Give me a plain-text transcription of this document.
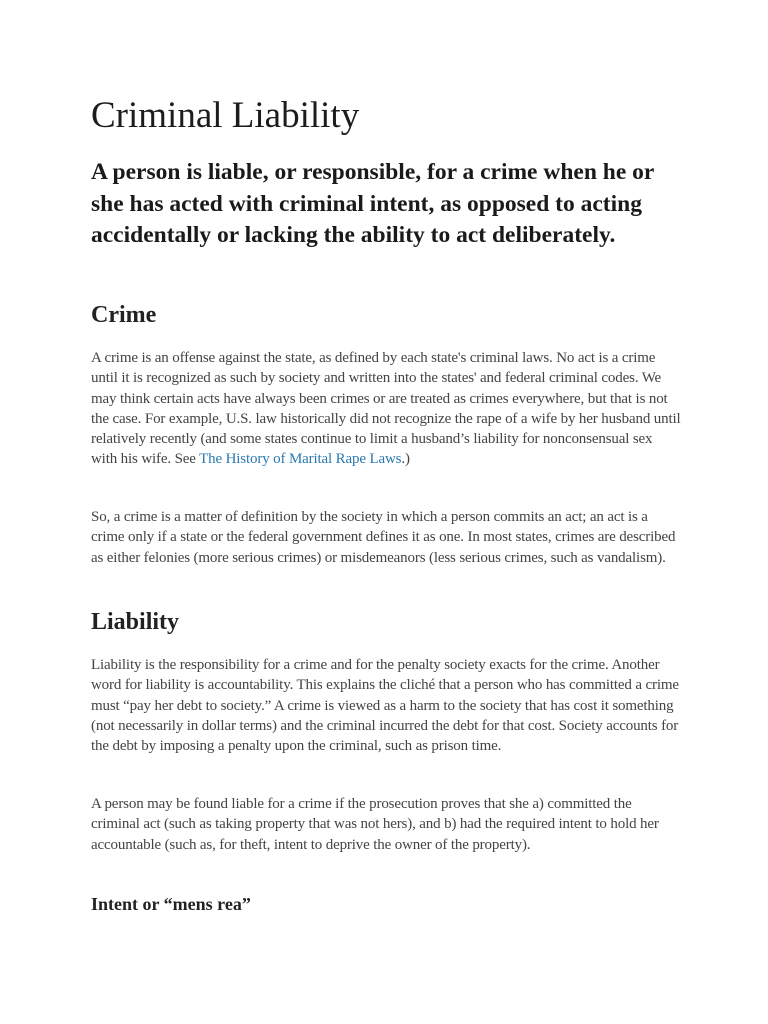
Criminal Liability

A person is liable, or responsible, for a crime when he or she has acted with criminal intent, as opposed to acting accidentally or lacking the ability to act deliberately.

Crime

A crime is an offense against the state, as defined by each state's criminal laws. No act is a crime until it is recognized as such by society and written into the states' and federal criminal codes. We may think certain acts have always been crimes or are treated as crimes everywhere, but that is not the case. For example, U.S. law historically did not recognize the rape of a wife by her husband until relatively recently (and some states continue to limit a husband’s liability for nonconsensual sex with his wife. See The History of Marital Rape Laws.)

So, a crime is a matter of definition by the society in which a person commits an act; an act is a crime only if a state or the federal government defines it as one. In most states, crimes are described as either felonies (more serious crimes) or misdemeanors (less serious crimes, such as vandalism).

Liability

Liability is the responsibility for a crime and for the penalty society exacts for the crime. Another word for liability is accountability. This explains the cliché that a person who has committed a crime must “pay her debt to society.” A crime is viewed as a harm to the society that has cost it something (not necessarily in dollar terms) and the criminal incurred the debt for that cost. Society accounts for the debt by imposing a penalty upon the criminal, such as prison time.

A person may be found liable for a crime if the prosecution proves that she a) committed the criminal act (such as taking property that was not hers), and b) had the required intent to hold her accountable (such as, for theft, intent to deprive the owner of the property).

Intent or “mens rea”
